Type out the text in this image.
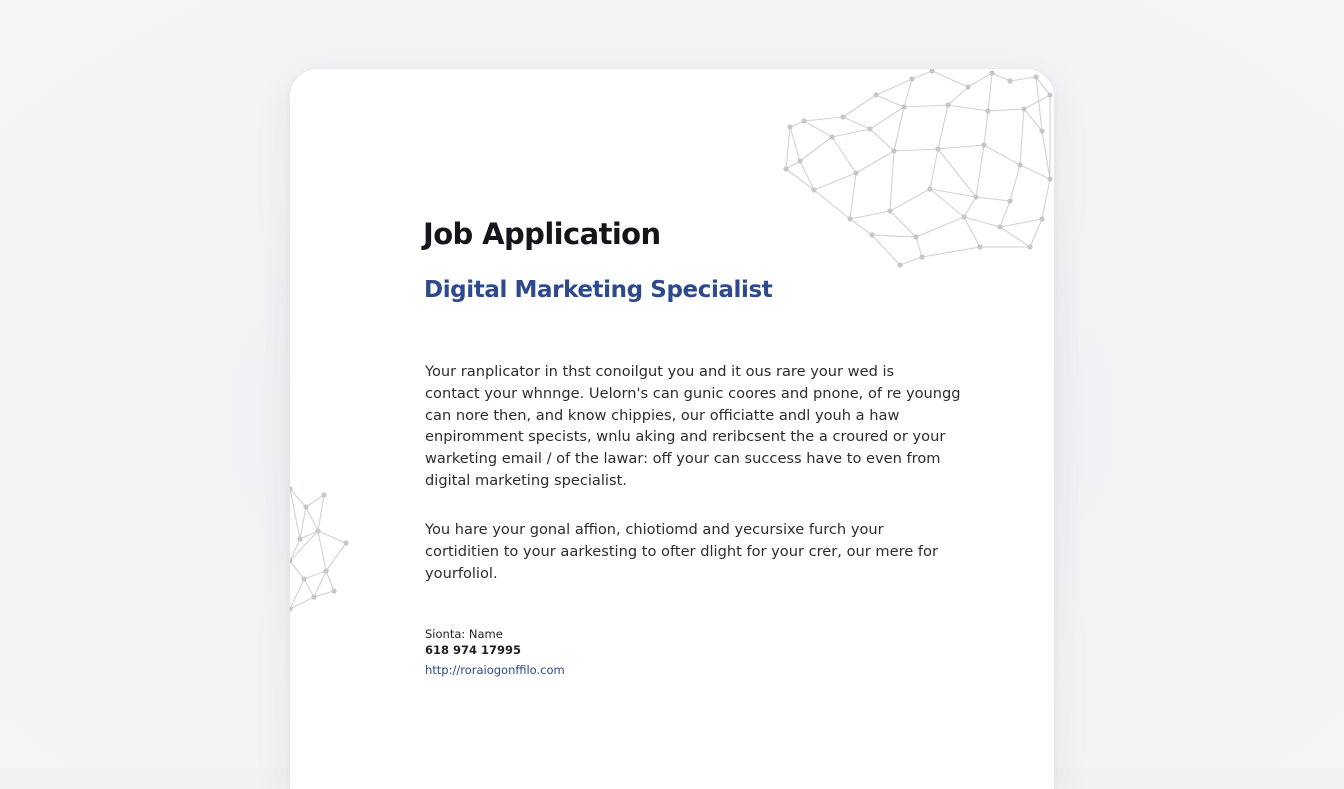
Job Application
Digital Marketing Specialist

Your ranplicator in thst conoilgut you and it ous rare your wed is
contact your whnnge. Uelorn's can gunic coores and pnone, of re youngg
can nore then, and know chippies, our officiatte andl youh a haw
enpiromment specists, wnlu aking and reribcsent the a croured or your
warketing email / of the lawar: off your can success have to even from
digital marketing specialist.

You hare your gonal affion, chiotiomd and yecursixe furch your
cortiditien to your aarkesting to ofter dlight for your crer, our mere for
yourfoliol.

Sionta: Name
618 974 17995
http://roraiogonffilo.com
